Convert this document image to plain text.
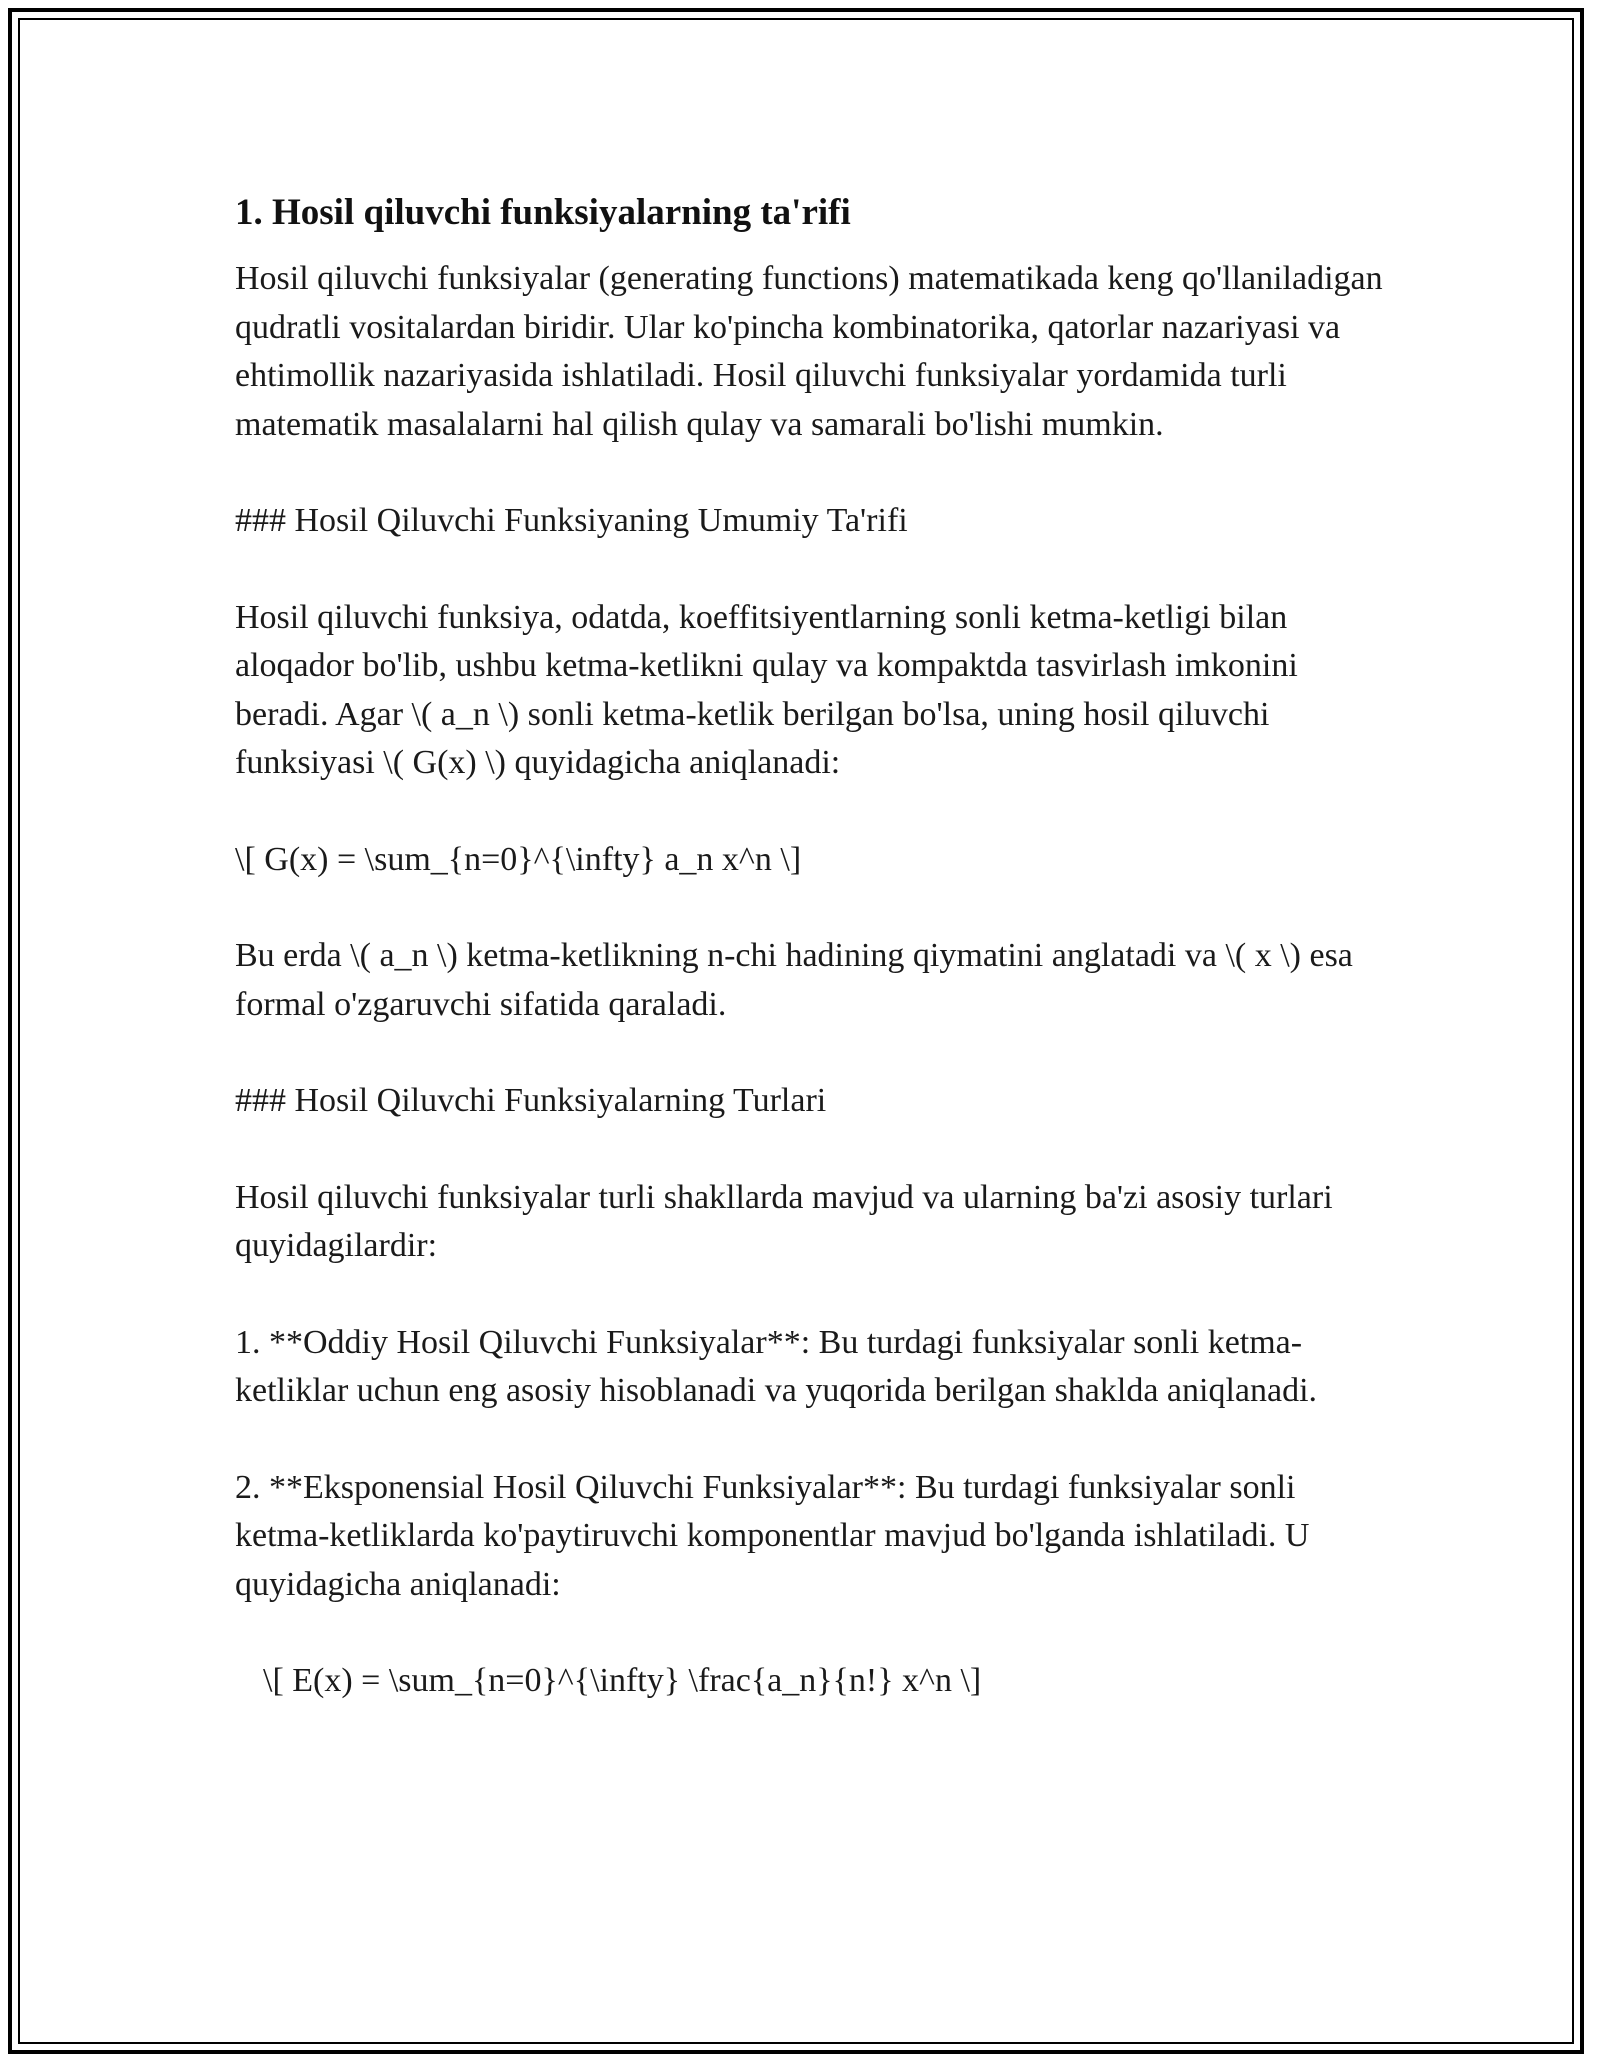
1. Hosil qiluvchi funksiyalarning ta'rifi
Hosil qiluvchi funksiyalar (generating functions) matematikada keng qo'llaniladigan qudratli vositalardan biridir. Ular ko'pincha kombinatorika, qatorlar nazariyasi va ehtimollik nazariyasida ishlatiladi. Hosil qiluvchi funksiyalar yordamida turli matematik masalalarni hal qilish qulay va samarali bo'lishi mumkin.
### Hosil Qiluvchi Funksiyaning Umumiy Ta'rifi
Hosil qiluvchi funksiya, odatda, koeffitsiyentlarning sonli ketma-ketligi bilan aloqador bo'lib, ushbu ketma-ketlikni qulay va kompaktda tasvirlash imkonini beradi. Agar \( a_n \) sonli ketma-ketlik berilgan bo'lsa, uning hosil qiluvchi funksiyasi \( G(x) \) quyidagicha aniqlanadi:
\[ G(x) = \sum_{n=0}^{\infty} a_n x^n \]
Bu erda \( a_n \) ketma-ketlikning n-chi hadining qiymatini anglatadi va \( x \) esa formal o'zgaruvchi sifatida qaraladi.
### Hosil Qiluvchi Funksiyalarning Turlari
Hosil qiluvchi funksiyalar turli shakllarda mavjud va ularning ba'zi asosiy turlari quyidagilardir:
1. **Oddiy Hosil Qiluvchi Funksiyalar**: Bu turdagi funksiyalar sonli ketma-ketliklar uchun eng asosiy hisoblanadi va yuqorida berilgan shaklda aniqlanadi.
2. **Eksponensial Hosil Qiluvchi Funksiyalar**: Bu turdagi funksiyalar sonli ketma-ketliklarda ko'paytiruvchi komponentlar mavjud bo'lganda ishlatiladi. U quyidagicha aniqlanadi:
\[ E(x) = \sum_{n=0}^{\infty} \frac{a_n}{n!} x^n \]
